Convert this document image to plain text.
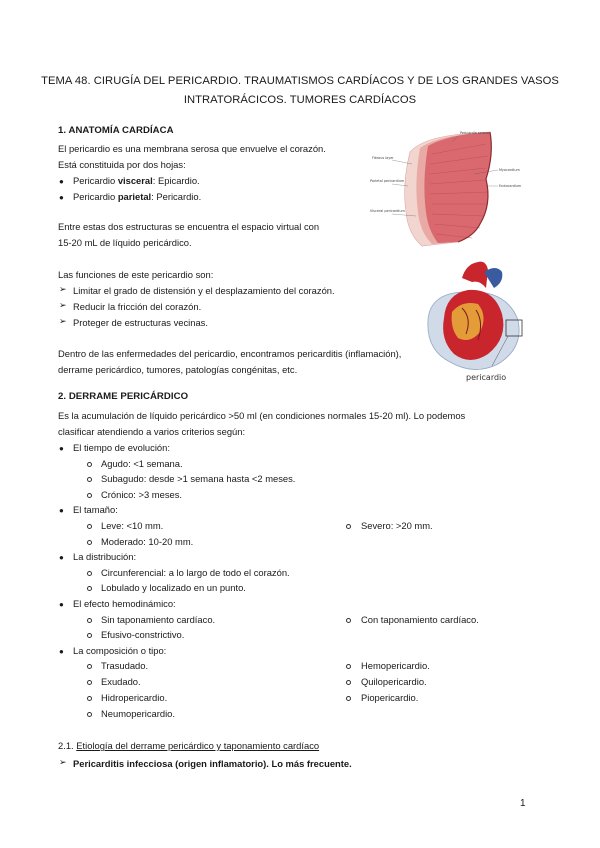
TEMA 48. CIRUGÍA DEL PERICARDIO. TRAUMATISMOS CARDÍACOS Y DE LOS GRANDES VASOS
INTRATORÁCICOS. TUMORES CARDÍACOS
1. ANATOMÍA CARDÍACA
El pericardio es una membrana serosa que envuelve el corazón.
Está constituida por dos hojas:
● Pericardio visceral: Epicardio.
● Pericardio parietal: Pericardio.
Entre estas dos estructuras se encuentra el espacio virtual con
15-20 mL de líquido pericárdico.
Las funciones de este pericardio son:
➢ Limitar el grado de distensión y el desplazamiento del corazón.
➢ Reducir la fricción del corazón.
➢ Proteger de estructuras vecinas.
Dentro de las enfermedades del pericardio, encontramos pericarditis (inflamación),
derrame pericárdico, tumores, patologías congénitas, etc.
Pericardio seroso
Myocardium
Endocardium
Fibrous layer
Parietal pericardium
Visceral pericardium
pericardio
2. DERRAME PERICÁRDICO
Es la acumulación de líquido pericárdico >50 ml (en condiciones normales 15-20 ml). Lo podemos
clasificar atendiendo a varios criterios según:
● El tiempo de evolución:
Agudo: <1 semana.
Subagudo: desde >1 semana hasta <2 meses.
Crónico: >3 meses.
● El tamaño:
Leve: <10 mm.	Severo: >20 mm.
Moderado: 10-20 mm.
● La distribución:
Circunferencial: a lo largo de todo el corazón.
Lobulado y localizado en un punto.
● El efecto hemodinámico:
Sin taponamiento cardíaco.	Con taponamiento cardíaco.
Efusivo-constrictivo.
● La composición o tipo:
Trasudado.	Hemopericardio.
Exudado.	Quilopericardio.
Hidropericardio.	Piopericardio.
Neumopericardio.
2.1. Etiología del derrame pericárdico y taponamiento cardíaco
➢ Pericarditis infecciosa (origen inflamatorio). Lo más frecuente.
1
